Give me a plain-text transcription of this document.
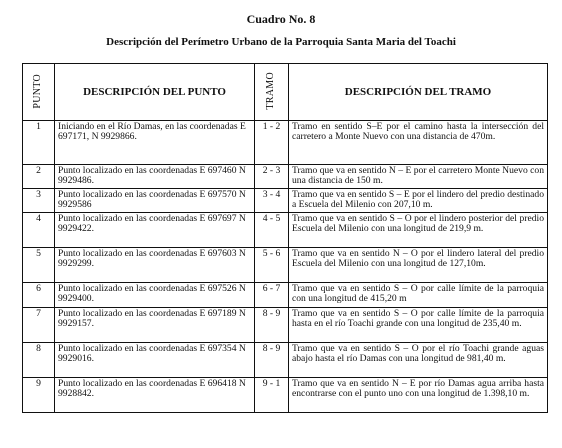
Cuadro No. 8
Descripción del Perímetro Urbano de la Parroquia Santa Maria del Toachi
PUNTO	DESCRIPCIÓN DEL PUNTO	TRAMO	DESCRIPCIÓN DEL TRAMO
1	Iniciando en el Río Damas, en las coordenadas E 697171, N 9929866.	1 - 2	Tramo en sentido S–E por el camino hasta la intersección del carretero a Monte Nuevo con una distancia de 470m.
2	Punto localizado en las coordenadas E 697460 N 9929486.	2 - 3	Tramo que va en sentido N – E por el carretero Monte Nuevo con una distancia de 150 m.
3	Punto localizado en las coordenadas E 697570 N 9929586	3 - 4	Tramo que va en sentido S – E por el lindero del predio destinado a Escuela del Milenio con 207,10 m.
4	Punto localizado en las coordenadas E 697697 N 9929422.	4 - 5	Tramo que va en sentido S – O por el lindero posterior del predio Escuela del Milenio con una longitud de 219,9 m.
5	Punto localizado en las coordenadas E 697603 N 9929299.	5 - 6	Tramo que va en sentido N – O por el lindero lateral del predio Escuela del Milenio con una longitud de 127,10m.
6	Punto localizado en las coordenadas E 697526 N 9929400.	6 - 7	Tramo que va en sentido S – O por calle límite de la parroquia con una longitud de 415,20 m
7	Punto localizado en las coordenadas E 697189 N 9929157.	8 - 9	Tramo que va en sentido S – O por calle límite de la parroquia hasta en el río Toachi grande con una longitud de 235,40 m.
8	Punto localizado en las coordenadas E 697354 N 9929016.	8 - 9	Tramo que va en sentido S – O por el río Toachi grande aguas abajo hasta el río Damas con una longitud de 981,40 m.
9	Punto localizado en las coordenadas E 696418 N 9928842.	9 - 1	Tramo que va en sentido N – E por río Damas agua arriba hasta encontrarse con el punto uno con una longitud de 1.398,10 m.
